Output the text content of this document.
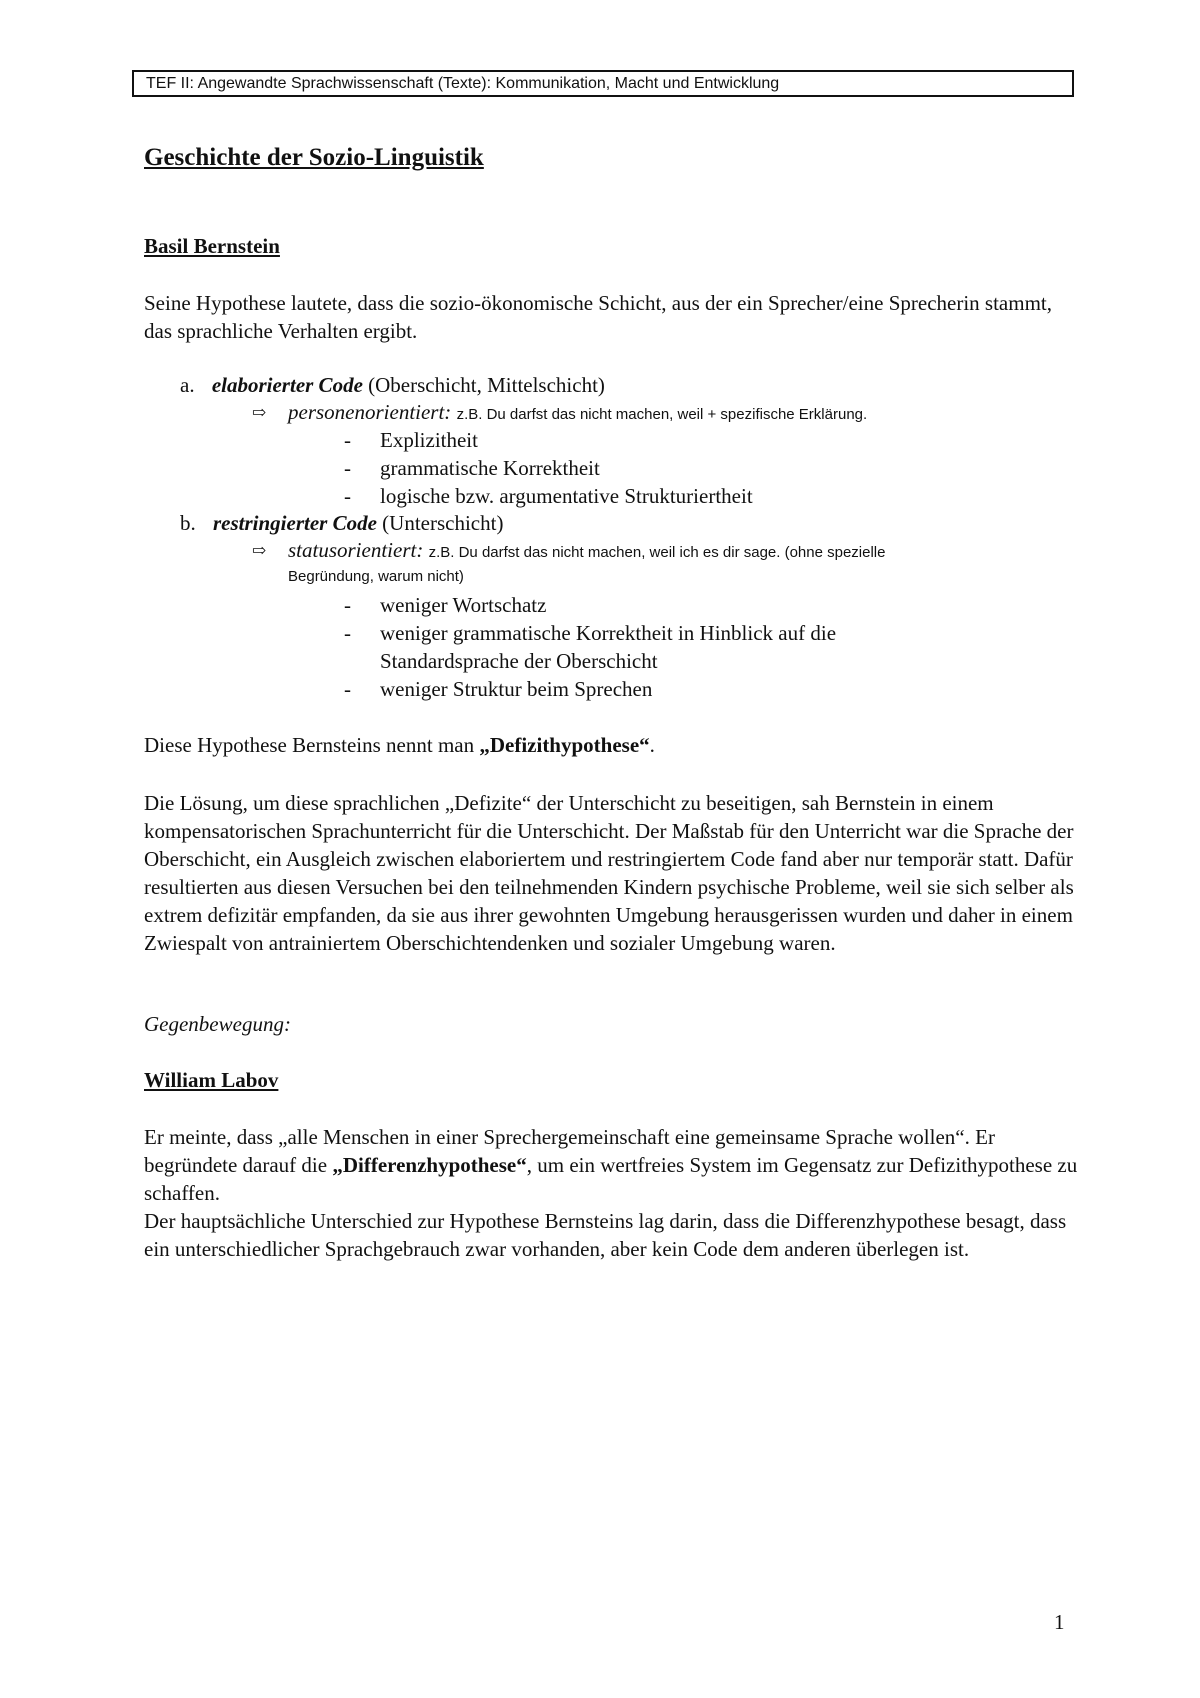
TEF II: Angewandte Sprachwissenschaft (Texte): Kommunikation, Macht und Entwicklung
Geschichte der Sozio-Linguistik
Basil Bernstein

Seine Hypothese lautete, dass die sozio-ökonomische Schicht, aus der ein Sprecher/eine Sprecherin stammt, das sprachliche Verhalten ergibt.

a. elaborierter Code (Oberschicht, Mittelschicht)
⇨ personenorientiert: z.B. Du darfst das nicht machen, weil + spezifische Erklärung.
- Explizitheit
- grammatische Korrektheit
- logische bzw. argumentative Strukturiertheit
b. restringierter Code (Unterschicht)
⇨ statusorientiert: z.B. Du darfst das nicht machen, weil ich es dir sage. (ohne spezielle
Begründung, warum nicht)
- weniger Wortschatz
- weniger grammatische Korrektheit in Hinblick auf die
Standardsprache der Oberschicht
- weniger Struktur beim Sprechen
Diese Hypothese Bernsteins nennt man „Defizithypothese“.

Die Lösung, um diese sprachlichen „Defizite“ der Unterschicht zu beseitigen, sah Bernstein in einem kompensatorischen Sprachunterricht für die Unterschicht. Der Maßstab für den Unterricht war die Sprache der Oberschicht, ein Ausgleich zwischen elaboriertem und restringiertem Code fand aber nur temporär statt. Dafür resultierten aus diesen Versuchen bei den teilnehmenden Kindern psychische Probleme, weil sie sich selber als extrem defizitär empfanden, da sie aus ihrer gewohnten Umgebung herausgerissen wurden und daher in einem Zwiespalt von antrainiertem Oberschichtendenken und sozialer Umgebung waren.

Gegenbewegung:
William Labov

Er meinte, dass „alle Menschen in einer Sprechergemeinschaft eine gemeinsame Sprache wollen“. Er begründete darauf die „Differenzhypothese“, um ein wertfreies System im Gegensatz zur Defizithypothese zu schaffen.

Der hauptsächliche Unterschied zur Hypothese Bernsteins lag darin, dass die Differenzhypothese besagt, dass ein unterschiedlicher Sprachgebrauch zwar vorhanden, aber kein Code dem anderen überlegen ist.

1
